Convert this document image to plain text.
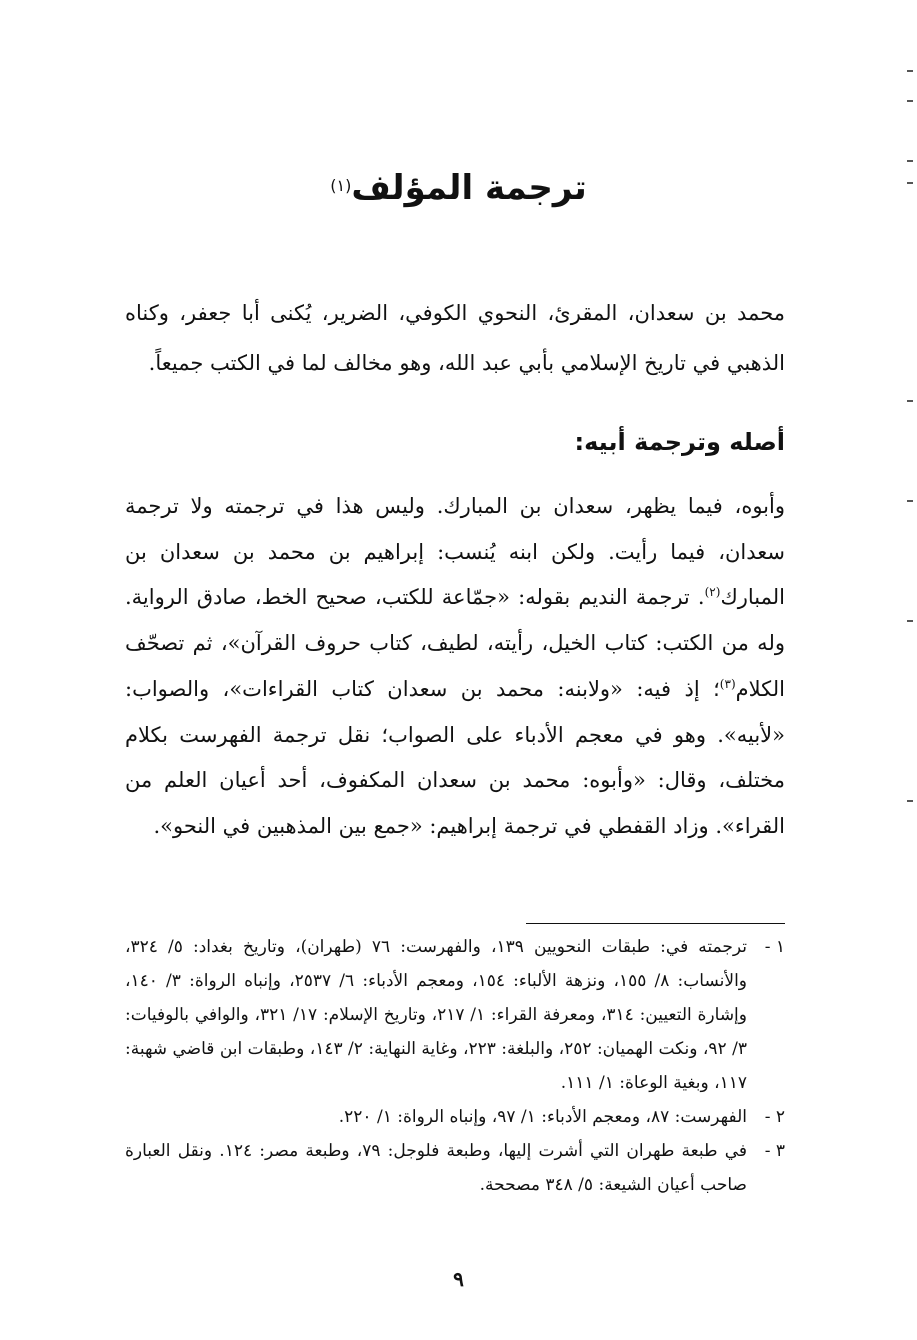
ترجمة المؤلف$^{(١)}$

محمد بن سعدان، المقرئ، النحوي الكوفي، الضرير، يُكنى أبا جعفر، وكناه الذهبي في تاريخ الإسلامي بأبي عبد الله، وهو مخالف لما في الكتب جميعاً.

أصله وترجمة أبيه:

وأبوه، فيما يظهر، سعدان بن المبارك. وليس هذا في ترجمته ولا ترجمة سعدان، فيما رأيت. ولكن ابنه يُنسب: إبراهيم بن محمد بن سعدان بن المبارك$^{(٢)}$. ترجمة النديم بقوله: «جمّاعة للكتب، صحيح الخط، صادق الرواية. وله من الكتب: كتاب الخيل، رأيته، لطيف، كتاب حروف القرآن»، ثم تصحّف الكلام$^{(٣)}$؛ إذ فيه: «ولابنه: محمد بن سعدان كتاب القراءات»، والصواب: «لأبيه». وهو في معجم الأدباء على الصواب؛ نقل ترجمة الفهرست بكلام مختلف، وقال: «وأبوه: محمد بن سعدان المكفوف، أحد أعيان العلم من القراء». وزاد القفطي في ترجمة إبراهيم: «جمع بين المذهبين في النحو».

١ -ترجمته في: طبقات النحويين ١٣٩، والفهرست: ٧٦ (طهران)، وتاريخ بغداد: ٥/ ٣٢٤، والأنساب: ٨/ ١٥٥، ونزهة الألباء: ١٥٤، ومعجم الأدباء: ٦/ ٢٥٣٧، وإنباه الرواة: ٣/ ١٤٠، وإشارة التعيين: ٣١٤، ومعرفة القراء: ١/ ٢١٧، وتاريخ الإسلام: ١٧/ ٣٢١، والوافي بالوفيات: ٣/ ٩٢، ونكت الهميان: ٢٥٢، والبلغة: ٢٢٣، وغاية النهاية: ٢/ ١٤٣، وطبقات ابن قاضي شهبة: ١١٧، وبغية الوعاة: ١/ ١١١.
٢ -الفهرست: ٨٧، ومعجم الأدباء: ١/ ٩٧، وإنباه الرواة: ١/ ٢٢٠.
٣ -في طبعة طهران التي أشرت إليها، وطبعة فلوجل: ٧٩، وطبعة مصر: ١٢٤. ونقل العبارة صاحب أعيان الشيعة: ٥/ ٣٤٨ مصححة.
٩
